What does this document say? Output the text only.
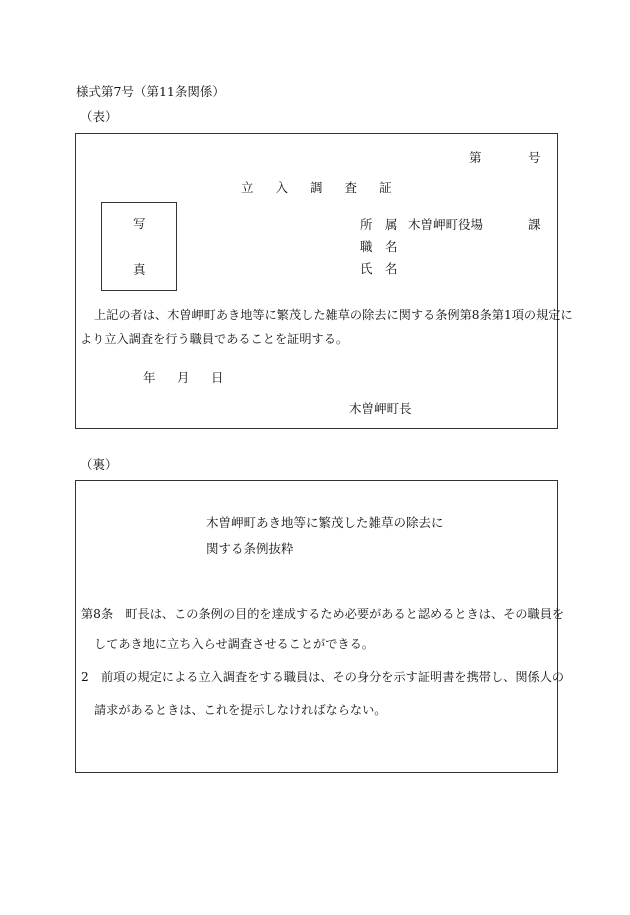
様式第7号（第11条関係）
（表）
第	号
立 入 調 査 証
写
真
所　属 木曽岬町役場	課
職　名
氏　名
上記の者は、木曽岬町あき地等に繁茂した雑草の除去に関する条例第8条第1項の規定に
より立入調査を行う職員であることを証明する。
年 月 日
木曽岬町長
（裏）
木曽岬町あき地等に繁茂した雑草の除去に
関する条例抜粋
第8条　町長は、この条例の目的を達成するため必要があると認めるときは、その職員を
してあき地に立ち入らせ調査させることができる。
2　前項の規定による立入調査をする職員は、その身分を示す証明書を携帯し、関係人の
請求があるときは、これを提示しなければならない。
